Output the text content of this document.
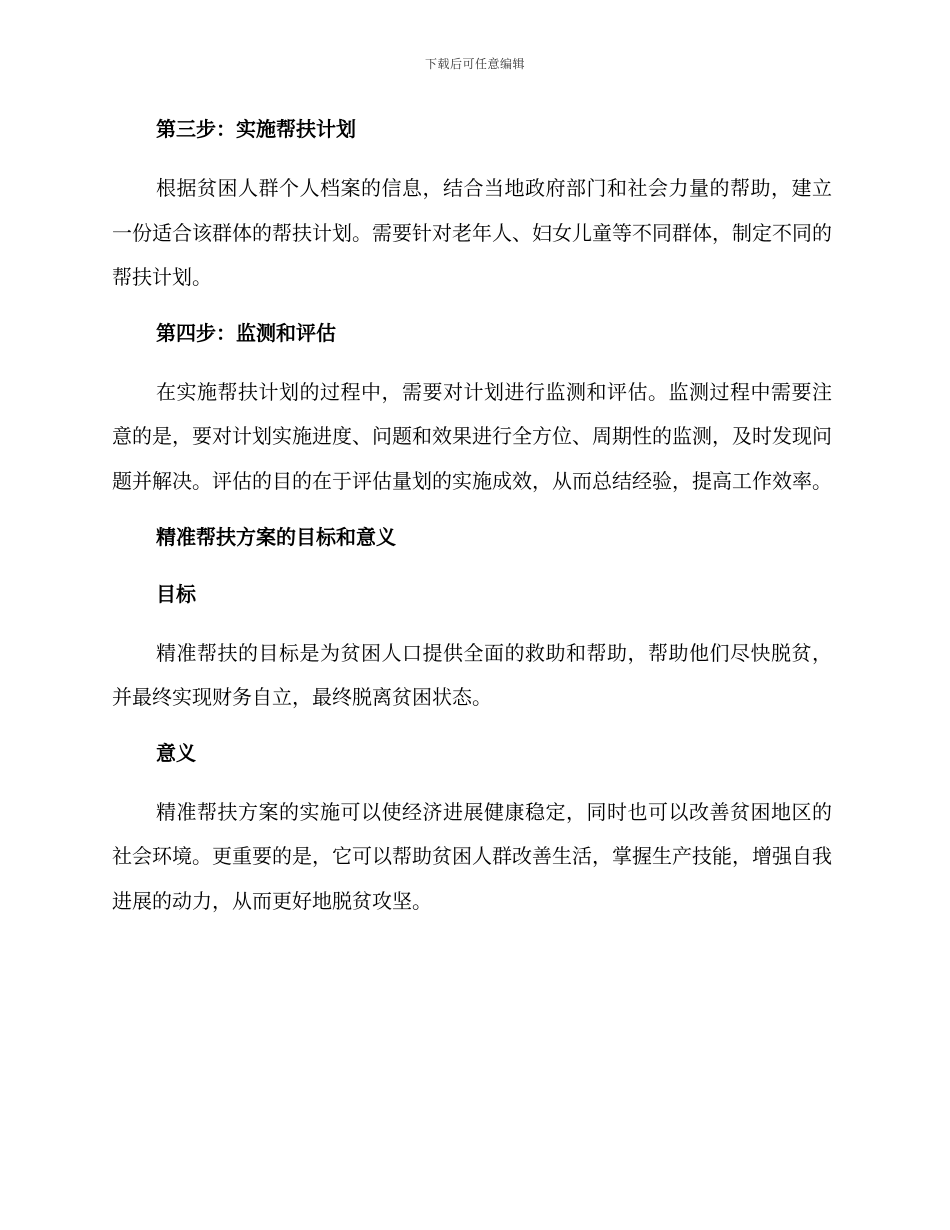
下载后可任意编辑
第三步：实施帮扶计划
根据贫困人群个人档案的信息，结合当地政府部门和社会力量的帮助，建立一份适合该群体的帮扶计划。需要针对老年人、妇女儿童等不同群体，制定不同的帮扶计划。
第四步：监测和评估
在实施帮扶计划的过程中，需要对计划进行监测和评估。监测过程中需要注意的是，要对计划实施进度、问题和效果进行全方位、周期性的监测，及时发现问题并解决。评估的目的在于评估量划的实施成效，从而总结经验，提高工作效率。
精准帮扶方案的目标和意义
目标
精准帮扶的目标是为贫困人口提供全面的救助和帮助，帮助他们尽快脱贫，并最终实现财务自立，最终脱离贫困状态。
意义
精准帮扶方案的实施可以使经济进展健康稳定，同时也可以改善贫困地区的社会环境。更重要的是，它可以帮助贫困人群改善生活，掌握生产技能，增强自我进展的动力，从而更好地脱贫攻坚。
